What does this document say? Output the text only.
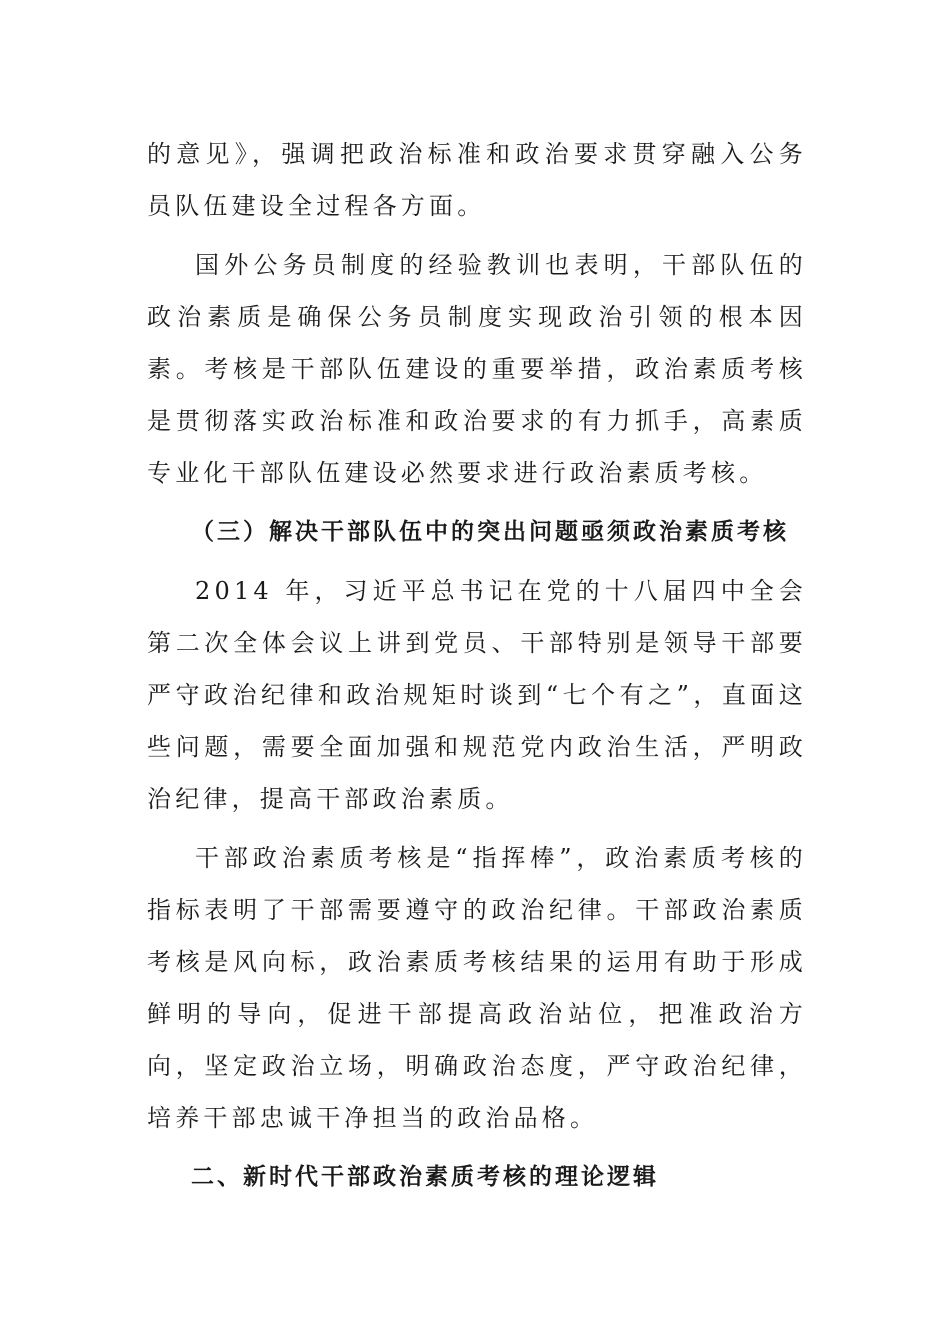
的意见》，强调把政治标准和政治要求贯穿融入公务员队伍建设全过程各方面。

国外公务员制度的经验教训也表明，干部队伍的政治素质是确保公务员制度实现政治引领的根本因素。考核是干部队伍建设的重要举措，政治素质考核是贯彻落实政治标准和政治要求的有力抓手，高素质专业化干部队伍建设必然要求进行政治素质考核。

（三）解决干部队伍中的突出问题亟须政治素质考核

2014 年，习近平总书记在党的十八届四中全会第二次全体会议上讲到党员、干部特别是领导干部要严守政治纪律和政治规矩时谈到“七个有之”，直面这些问题，需要全面加强和规范党内政治生活，严明政治纪律，提高干部政治素质。

干部政治素质考核是“指挥棒”，政治素质考核的指标表明了干部需要遵守的政治纪律。干部政治素质考核是风向标，政治素质考核结果的运用有助于形成鲜明的导向，促进干部提高政治站位，把准政治方向，坚定政治立场，明确政治态度，严守政治纪律，培养干部忠诚干净担当的政治品格。

二、新时代干部政治素质考核的理论逻辑
